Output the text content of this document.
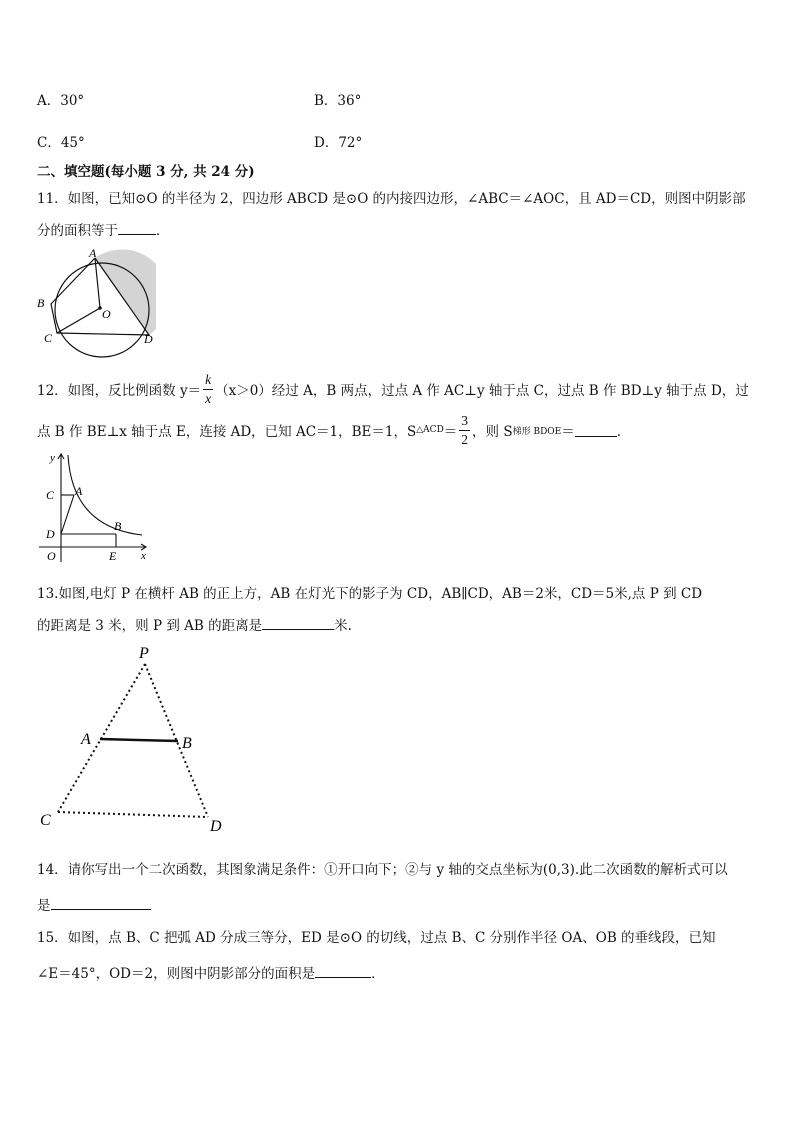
A．30°	B．36°
C．45°	D．72°
二、填空题(每小题 3 分, 共 24 分)
11．如图，已知⊙O 的半径为 2，四边形 ABCD 是⊙O 的内接四边形，∠ABC＝∠AOC，且 AD＝CD，则图中阴影部
分的面积等于	．
A
B
C
O
D
12．如图，反比例函数 $y= \frac{k}{x} (x>0)$经过 A，B 两点，过点 A 作 AC⊥y 轴于点 C，过点 B 作 BD⊥y 轴于点 D，过
点 B 作 BE⊥x 轴于点 E，连接 AD，已知 AC＝1，BE＝1，S △ACD ＝ $\frac{3}{2}$ ，则 S 梯形 BDOE ＝	．
y
C A
D
B
O	E x
13.如图,电灯 P 在横杆 AB 的正上方，AB 在灯光下的影子为 CD，AB∥CD，AB＝2米，CD＝5米,点 P 到 CD
的距离是 3 米，则 P 到 AB 的距离是	米.
P
A	B
C	D
14．请你写出一个二次函数，其图象满足条件：①开口向下；②与 y 轴的交点坐标为(0,3).此二次函数的解析式可以
是
15．如图，点 B、C 把弧 AD 分成三等分，ED 是⊙O 的切线，过点 B、C 分别作半径 OA、OB 的垂线段，已知
∠E＝45°，OD＝2，则图中阴影部分的面积是	．
